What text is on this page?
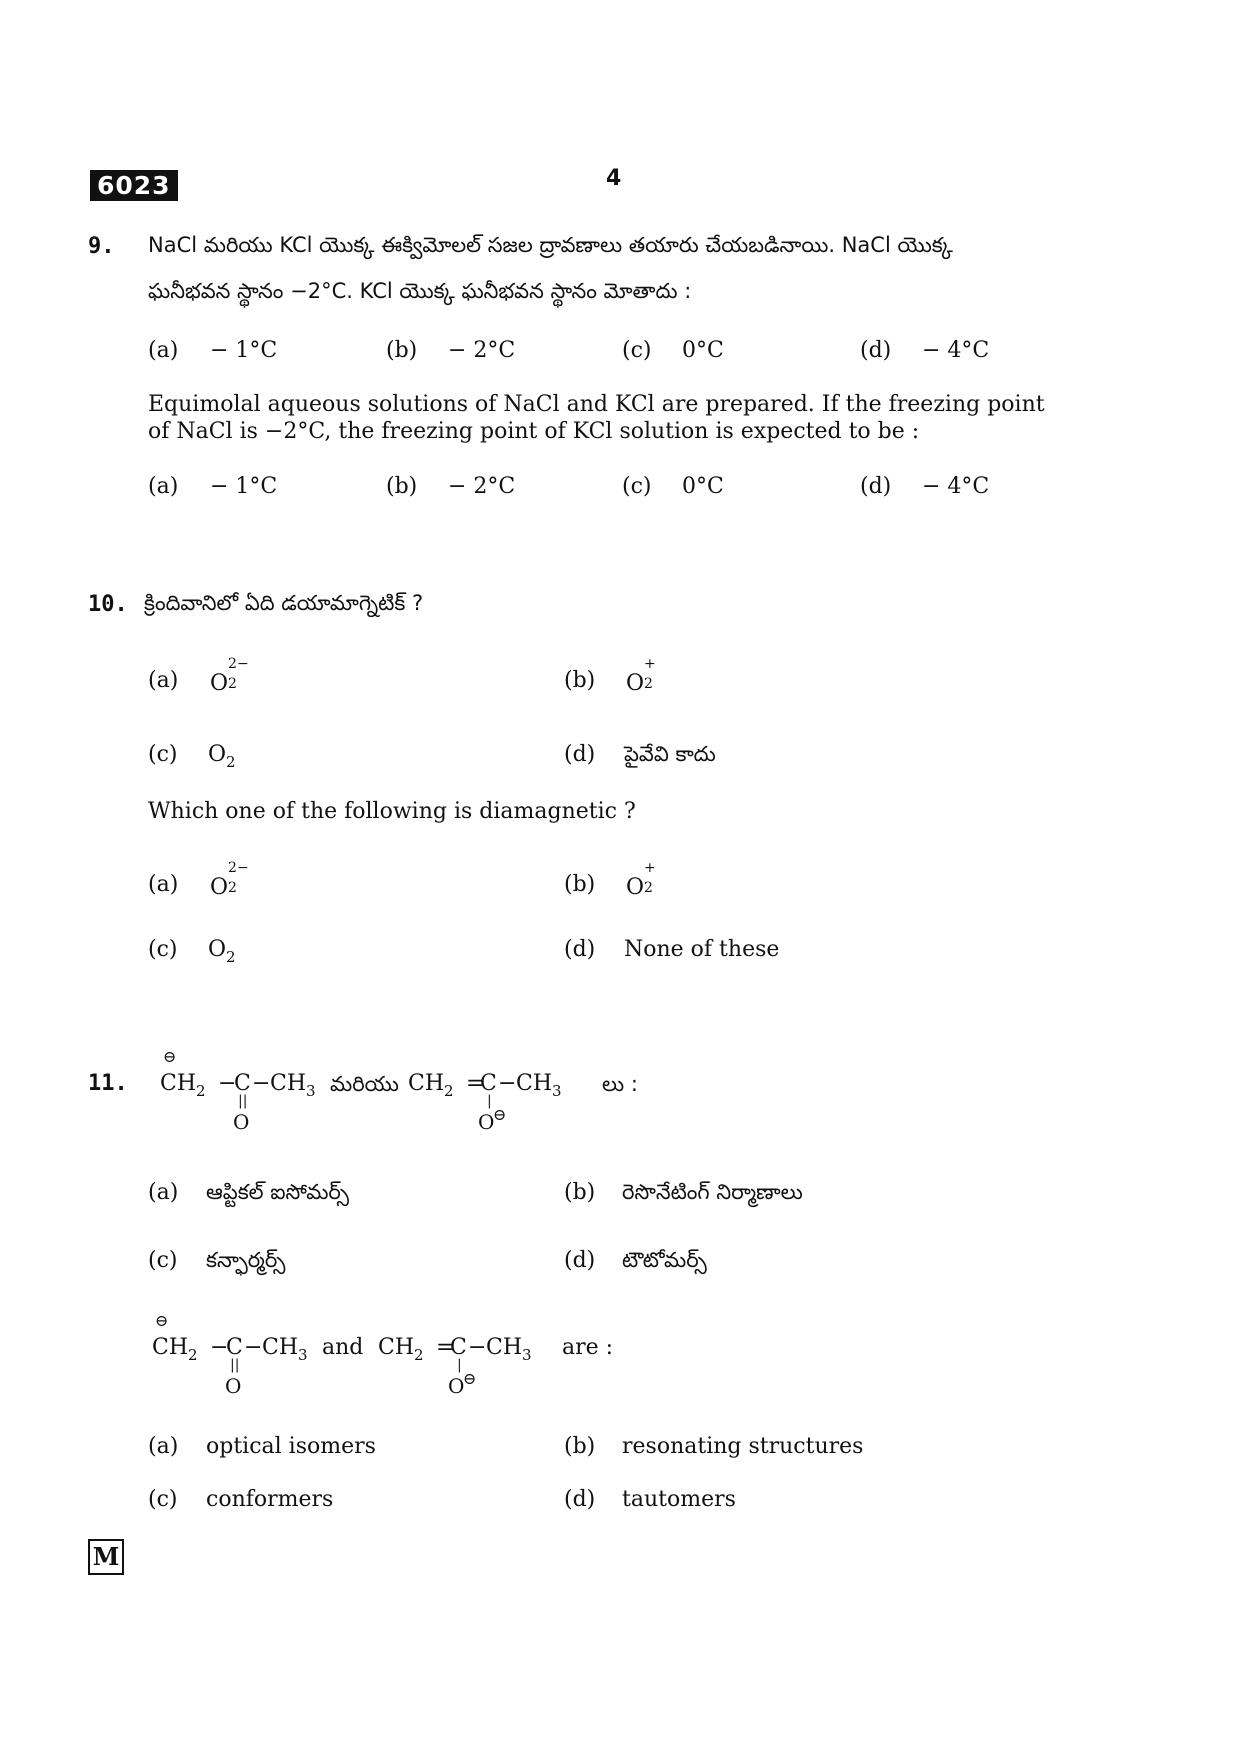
6023	4
9. NaCl మరియు KCl యొక్క ఈక్విమోలల్ సజల ద్రావణాలు తయారు చేయబడినాయి. NaCl యొక్క
ఘనీభవన స్థానం −2°C. KCl యొక్క ఘనీభవన స్థానం మోతాదు :
(a) − 1°C	(b) − 2°C	(c) 0°C	(d) − 4°C
Equimolal aqueous solutions of NaCl and KCl are prepared. If the freezing point
of NaCl is −2°C, the freezing point of KCl solution is expected to be :
(a) − 1°C	(b) − 2°C	(c) 0°C	(d) − 4°C
10. క్రిందివానిలో ఏది డయామాగ్నెటిక్ ?
(a) O
2−
2	(b) O
+
2
(c) $O_2$	(d) పైవేవి కాదు
Which one of the following is diamagnetic ?
(a) O
2−
2	(b) O
+
2
(c) $O_2$	(d) None of these
11.
⊖
$CH_2$ −
C
||
O
− $CH_3$ మరియు $CH_2$ =
C
|
O
⊖
− $CH_3$ లు :
(a) ఆప్టికల్ ఐసోమర్స్	(b) రెసొనేటింగ్ నిర్మాణాలు
(c) కన్ఫార్మర్స్	(d) టౌటోమర్స్
⊖
$CH_2$ −
C
||
O
− $CH_3$ and $CH_2$ =
C
|
O
⊖
− $CH_3$ are :
(a) optical isomers	(b) resonating structures
(c) conformers	(d) tautomers
M
